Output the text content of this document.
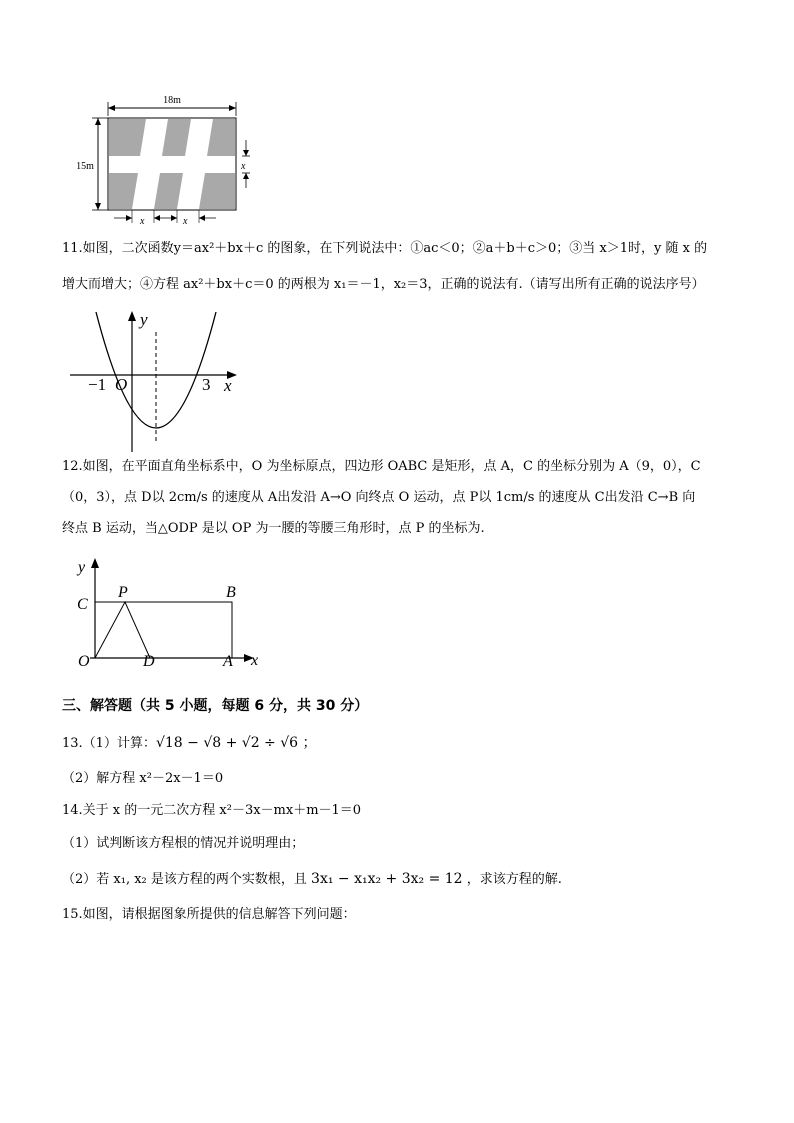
18m
15m	x
x	x
11.如图，二次函数y＝ax²＋bx＋c 的图象，在下列说法中：①ac＜0；②a＋b＋c＞0；③当 x＞1时，y 随 x 的
增大而增大；④方程 ax²＋bx＋c＝0 的两根为 x₁＝－1，x₂＝3，正确的说法有.（请写出所有正确的说法序号）
y
x
−1 O	3
12.如图，在平面直角坐标系中，O 为坐标原点，四边形 OABC 是矩形，点 A，C 的坐标分别为 A（9，0），C
（0，3），点 D以 2cm/s 的速度从 A出发沿 A→O 向终点 O 运动，点 P以 1cm/s 的速度从 C出发沿 C→B 向
终点 B 运动，当△ODP 是以 OP 为一腰的等腰三角形时，点 P 的坐标为.
y
x
C
P	B
O	D	A
三、解答题（共 5 小题，每题 6 分，共 30 分）
13.（1）计算：√18 − √8 + √2 ÷ √6 ；
（2）解方程 x²－2x－1＝0
14.关于 x 的一元二次方程 x²－3x－mx＋m－1＝0
（1）试判断该方程根的情况并说明理由；
（2）若 x₁, x₂ 是该方程的两个实数根，且 3x₁ − x₁x₂ + 3x₂ = 12 ，求该方程的解.
15.如图，请根据图象所提供的信息解答下列问题：
